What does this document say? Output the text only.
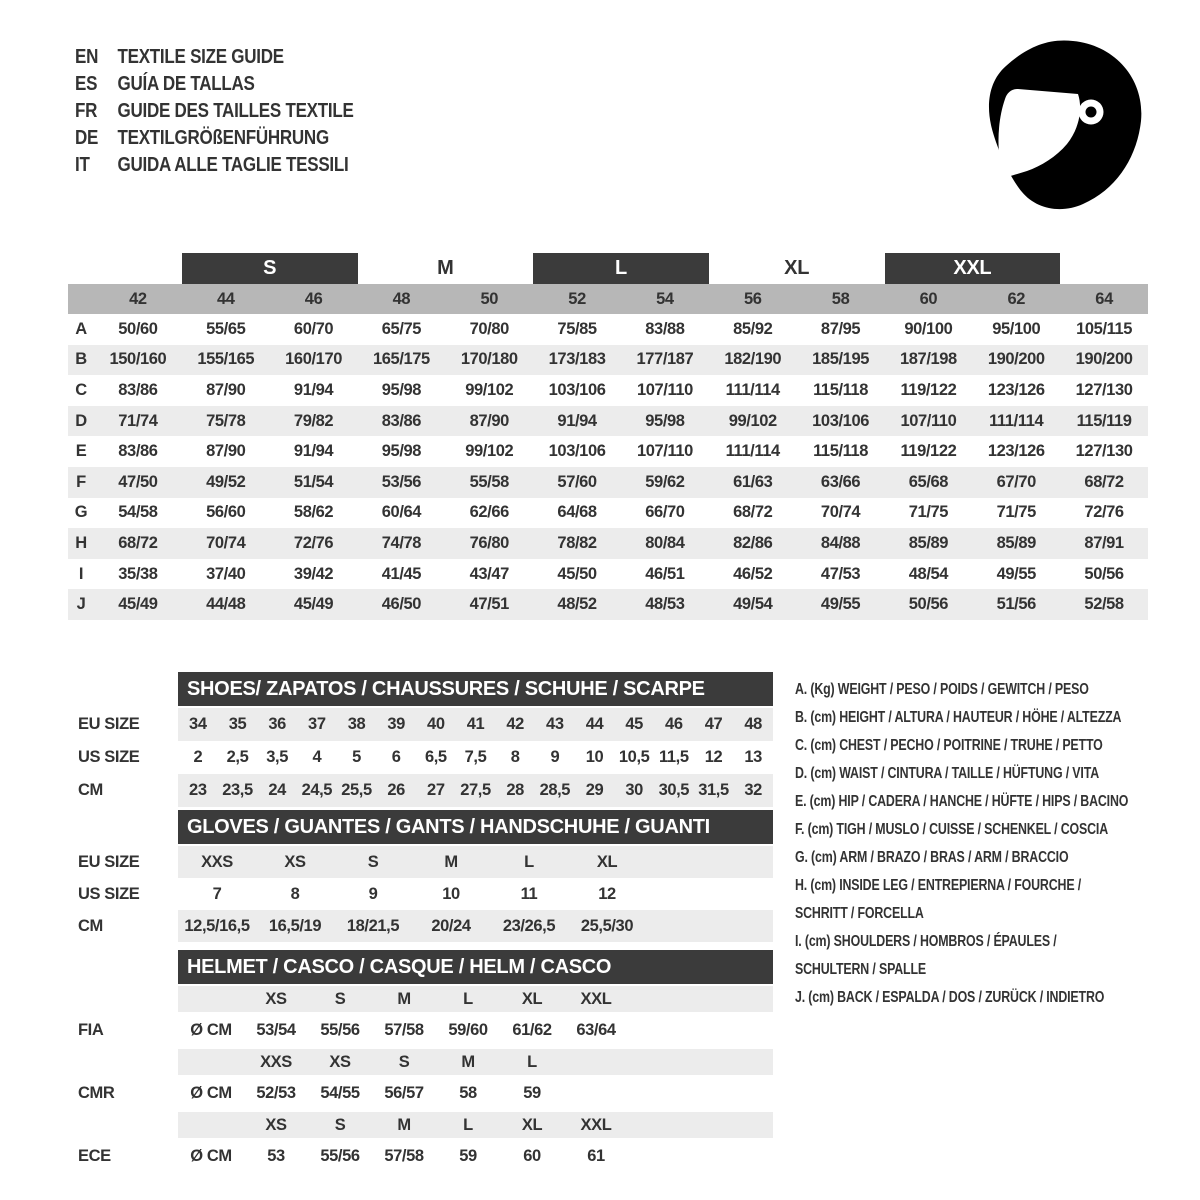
EN TEXTILE SIZE GUIDE
ES	GUÍA DE TALLAS
FR	GUIDE DES TAILLES TEXTILE
DE TEXTILGRÖßENFÜHRUNG
IT	GUIDA ALLE TAGLIE TESSILI
S	M	L	XL	XXL
42	44	46	48	50	52	54	56	58	60	62	64
A	50/60	55/65	60/70	65/75	70/80	75/85	83/88	85/92	87/95	90/100	95/100	105/115
B	150/160	155/165	160/170	165/175	170/180	173/183	177/187	182/190	185/195	187/198	190/200	190/200
C	83/86	87/90	91/94	95/98	99/102	103/106	107/110	111/114	115/118	119/122	123/126	127/130
D	71/74	75/78	79/82	83/86	87/90	91/94	95/98	99/102	103/106	107/110	111/114	115/119
E	83/86	87/90	91/94	95/98	99/102	103/106	107/110	111/114	115/118	119/122	123/126	127/130
F	47/50	49/52	51/54	53/56	55/58	57/60	59/62	61/63	63/66	65/68	67/70	68/72
G	54/58	56/60	58/62	60/64	62/66	64/68	66/70	68/72	70/74	71/75	71/75	72/76
H	68/72	70/74	72/76	74/78	76/80	78/82	80/84	82/86	84/88	85/89	85/89	87/91
I	35/38	37/40	39/42	41/45	43/47	45/50	46/51	46/52	47/53	48/54	49/55	50/56
J	45/49	44/48	45/49	46/50	47/51	48/52	48/53	49/54	49/55	50/56	51/56	52/58
SHOES/ ZAPATOS / CHAUSSURES / SCHUHE / SCARPE
EU SIZE	34	35	36	37	38	39	40	41	42	43	44	45	46	47	48
US SIZE	2	2,5	3,5	4	5	6	6,5	7,5	8	9	10 10,5 11,5 12	13
CM	23 23,5 24 24,5 25,5 26	27 27,5 28 28,5 29	30 30,5 31,5 32
GLOVES / GUANTES / GANTS / HANDSCHUHE / GUANTI
EU SIZE	XXS	XS	S	M	L	XL
US SIZE	7	8	9	10	11	12
CM	12,5/16,5	16,5/19	18/21,5	20/24	23/26,5	25,5/30
HELMET / CASCO / CASQUE / HELM / CASCO
XS	S	M	L	XL	XXL
FIA	Ø CM	53/54	55/56	57/58	59/60	61/62	63/64
XXS	XS	S	M	L
CMR	Ø CM	52/53	54/55	56/57	58	59
XS	S	M	L	XL	XXL
ECE	Ø CM	53	55/56	57/58	59	60	61
A. (Kg) WEIGHT / PESO / POIDS / GEWITCH / PESO
B. (cm) HEIGHT / ALTURA / HAUTEUR / HÖHE / ALTEZZA
C. (cm) CHEST / PECHO / POITRINE / TRUHE / PETTO
D. (cm) WAIST / CINTURA / TAILLE / HÜFTUNG / VITA
E. (cm) HIP / CADERA / HANCHE / HÜFTE / HIPS / BACINO
F. (cm) TIGH / MUSLO / CUISSE / SCHENKEL / COSCIA
G. (cm) ARM / BRAZO / BRAS / ARM / BRACCIO
H. (cm) INSIDE LEG / ENTREPIERNA / FOURCHE /
SCHRITT / FORCELLA
I. (cm) SHOULDERS / HOMBROS / ÉPAULES /
SCHULTERN / SPALLE
J. (cm) BACK / ESPALDA / DOS / ZURÜCK / INDIETRO
